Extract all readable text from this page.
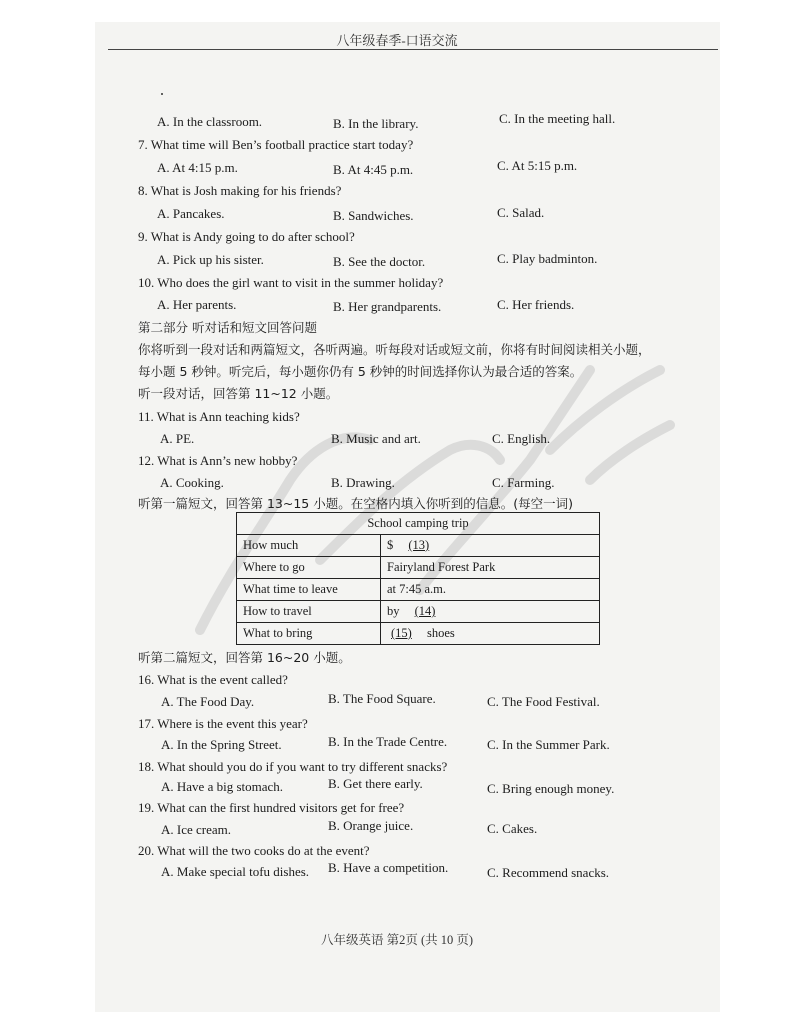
八年级春季-口语交流
A. In the classroom.	B. In the library.	C. In the meeting hall.
7. What time will Ben’s football practice start today?
A. At 4:15 p.m.	B. At 4:45 p.m.	C. At 5:15 p.m.
8. What is Josh making for his friends?
A. Pancakes.	B. Sandwiches.	C. Salad.
9. What is Andy going to do after school?
A. Pick up his sister.	B. See the doctor.	C. Play badminton.
10. Who does the girl want to visit in the summer holiday?
A. Her parents.	B. Her grandparents.	C. Her friends.
第二部分 听对话和短文回答问题
你将听到一段对话和两篇短文，各听两遍。听每段对话或短文前，你将有时间阅读相关小题，
每小题 5 秒钟。听完后，每小题你仍有 5 秒钟的时间选择你认为最合适的答案。
听一段对话，回答第 11~12 小题。
11. What is Ann teaching kids?
A. PE.	B. Music and art.	C. English.
12. What is Ann’s new hobby?
A. Cooking.	B. Drawing.	C. Farming.
听第一篇短文，回答第 13~15 小题。在空格内填入你听到的信息。(每空一词)
School camping trip	
How much	$ (13)
Where to go	Fairyland Forest Park
What time to leave	at 7:45 a.m.
How to travel	by (14)
What to bring	(15) shoes
听第二篇短文，回答第 16~20 小题。
16. What is the event called?
A. The Food Day.	B. The Food Square.	C. The Food Festival.
17. Where is the event this year?
A. In the Spring Street.	B. In the Trade Centre.	C. In the Summer Park.
18. What should you do if you want to try different snacks?
A. Have a big stomach.	B. Get there early.	C. Bring enough money.
19. What can the first hundred visitors get for free?
A. Ice cream.	B. Orange juice.	C. Cakes.
20. What will the two cooks do at the event?
A. Make special tofu dishes. B. Have a competition.	C. Recommend snacks.
八年级英语 第2页 (共 10 页)
